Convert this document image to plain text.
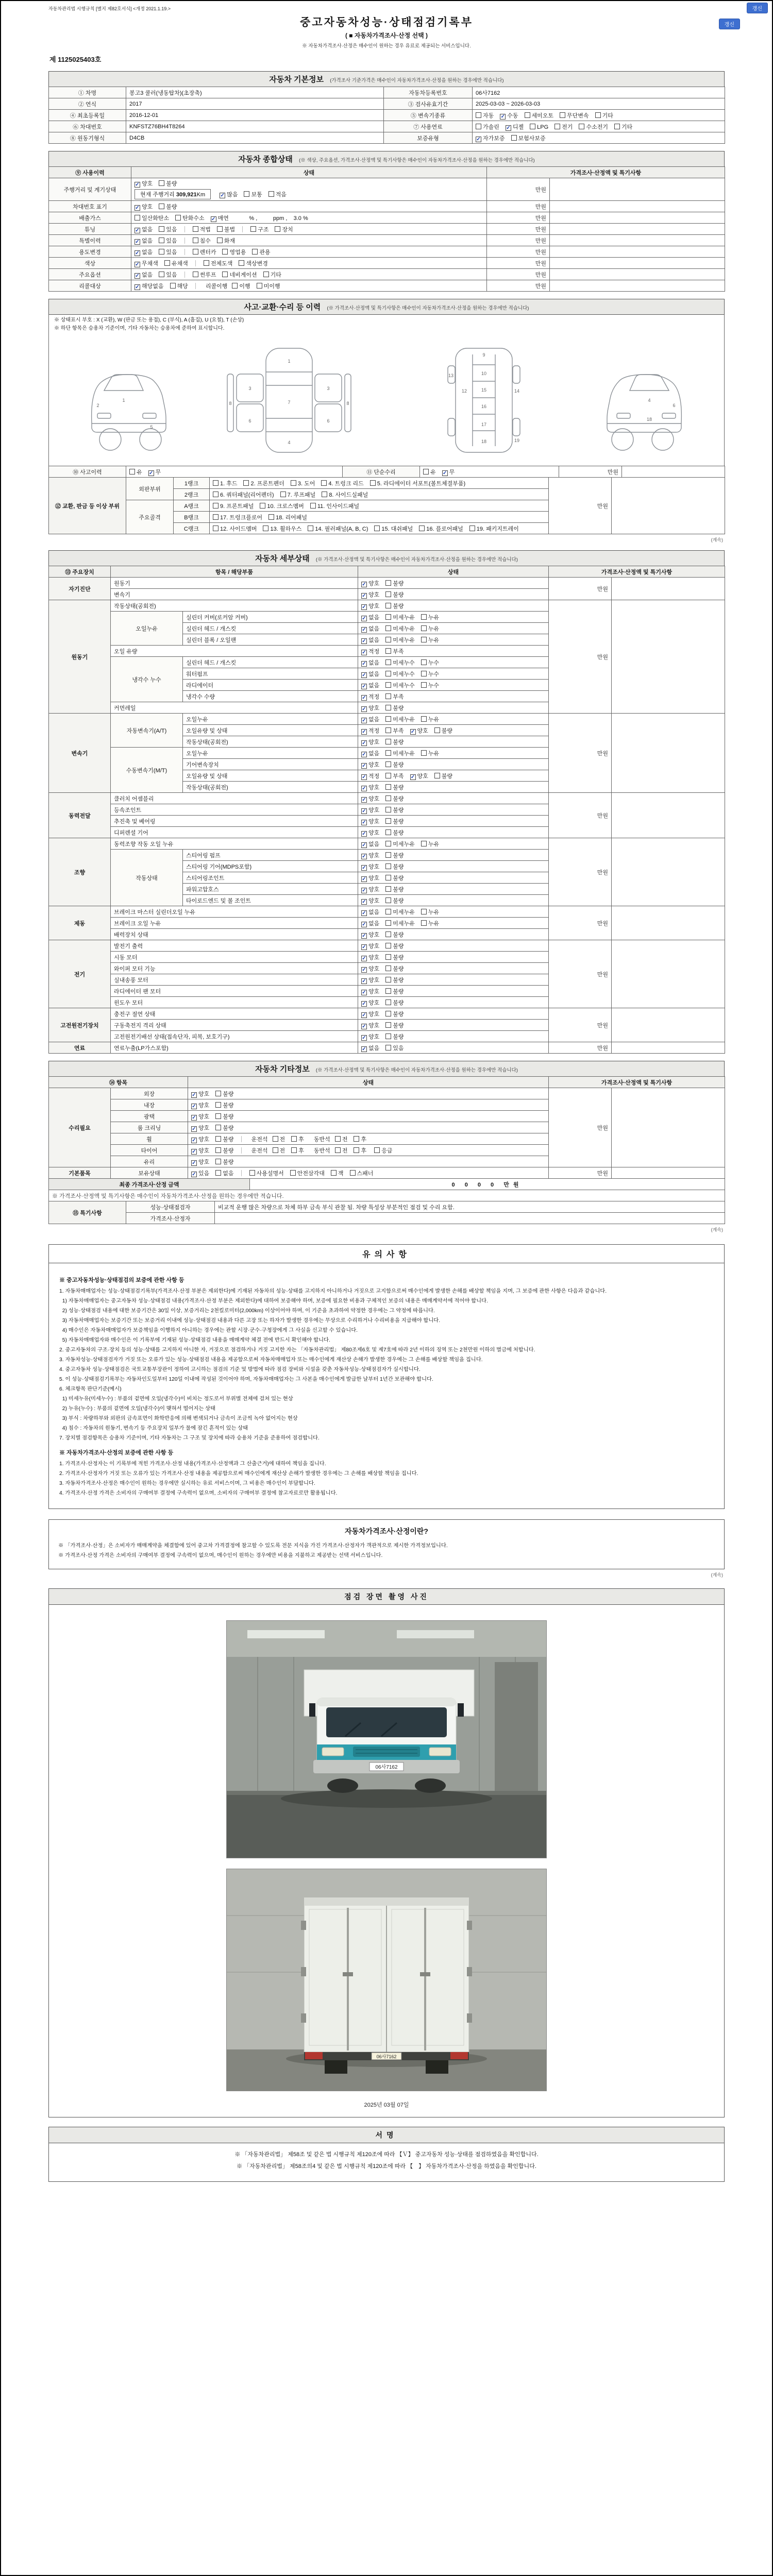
갱신
갱신
자동차관리법 시행규칙 [별지 제82호서식] <개정 2021.1.19.>
중고자동차성능·상태점검기록부
( ■ 자동차가격조사·산정 선택 )
※ 자동차가격조사·산정은 매수인이 원하는 경우 유료로 제공되는 서비스입니다.
제 1125025403호
자동차 기본정보 (가격조사 기준가격은 매수인이 자동차가격조사·산정을 원하는 경우에만 적습니다)
① 차명	봉고3 쿨러(냉동탑차)(초장축)	자동차등록번호	06사7162
② 연식	2017	③ 검사유효기간	2025-03-03 ~ 2026-03-03
④ 최초등록일	2016-12-01	⑤ 변속기종류	자동 ✓ 수동 세미오토 무단변속 기타
⑥ 차대번호	KNFSTZ76BH4T8264	⑦ 사용연료	가솔린 ✓ 디젤 LPG 전기 수소전기 기타
⑧ 원동기형식	D4CB	보증유형	✓ 자가보증 보험사보증
자동차 종합상태 (※ 색상, 주요옵션, 가격조사·산정액 및 특기사항은 매수인이 자동차가격조사·산정을 원하는 경우에만 적습니다)
⑨ 사용이력	상태	가격조사·산정액 및 특기사항	
주행거리 및 계기상태	✓ 양호 불량
현재 주행거리 309,921Km ✓ 많음 보통 적음	만원	
차대번호 표기	✓ 양호 불량	만원	
배출가스	일산화탄소 탄화수소 ✓ 매연         % ,          ppm ,    3.0 %	만원	
튜닝	✓ 없음 있음 적법 불법 구조 장치	만원	
특별이력	✓ 없음 있음 침수 화재	만원	
용도변경	✓ 없음 있음 렌터카 영업용 관용	만원	
색상	✓ 무채색 유채색 전체도색 색상변경	만원	
주요옵션	✓ 없음 있음 썬루프 네비게이션 기타	만원	
리콜대상	✓ 해당없음 해당 리콜이행 이행 미이행	만원	
사고·교환·수리 등 이력 (※ 가격조사·산정액 및 특기사항은 매수인이 자동차가격조사·산정을 원하는 경우에만 적습니다)
※ 상태표시 부호 : X (교환), W (판금 또는 용접), C (부식), A (흠집), U (요철), T (손상)
※ 하단 항목은 승용차 기준이며, 기타 자동차는 승용차에 준하여 표시합니다.
1
2
5
1
7
4
3	3
8	8
6	6
9
10
15
16
17
18
12
13
14
19
4
6
18
⑩ 사고이력	유 ✓ 무	⑪ 단순수리	유 ✓ 무	만원	
⑫ 교환, 판금 등 이상 부위	외판부위	1랭크	1. 후드 2. 프론트펜더 3. 도어 4. 트렁크 리드 5. 라디에이터 서포트(볼트체결부품)	만원	
		2랭크	6. 쿼터패널(리어펜더) 7. 루프패널 8. 사이드실패널		
	주요골격	A랭크	9. 프론트패널 10. 크로스멤버 11. 인사이드패널		
		B랭크	17. 트렁크플로어 18. 리어패널		
		C랭크	12. 사이드멤버 13. 휠하우스 14. 필러패널(A, B, C) 15. 대쉬패널 16. 플로어패널 19. 패키지트레이		
(계속)
자동차 세부상태 (※ 가격조사·산정액 및 특기사항은 매수인이 자동차가격조사·산정을 원하는 경우에만 적습니다)
⑬ 주요장치	항목 / 해당부품		상태	가격조사·산정액 및 특기사항	
자기진단	원동기		✓ 양호 불량	만원	
	변속기		✓ 양호 불량		
원동기	작동상태(공회전)		✓ 양호 불량	만원	
	오일누유	실린더 커버(로커암 커버)	✓ 없음 미세누유 누유		
		실린더 헤드 / 개스킷	✓ 없음 미세누유 누유		
		실린더 블록 / 오일팬	✓ 없음 미세누유 누유		
	오일 유량		✓ 적정 부족		
	냉각수 누수	실린더 헤드 / 개스킷	✓ 없음 미세누수 누수		
		워터펌프	✓ 없음 미세누수 누수		
		라디에이터	✓ 없음 미세누수 누수		
		냉각수 수량	✓ 적정 부족		
	커먼레일		✓ 양호 불량		
변속기	자동변속기(A/T)	오일누유	✓ 없음 미세누유 누유	만원	
		오일유량 및 상태	✓ 적정 부족 ✓ 양호 불량		
		작동상태(공회전)	✓ 양호 불량		
	수동변속기(M/T)	오일누유	✓ 없음 미세누유 누유		
		기어변속장치	✓ 양호 불량		
		오일유량 및 상태	✓ 적정 부족 ✓ 양호 불량		
		작동상태(공회전)	✓ 양호 불량		
동력전달	클러치 어셈블리		✓ 양호 불량	만원	
	등속조인트		✓ 양호 불량		
	추진축 및 베어링		✓ 양호 불량		
	디퍼렌셜 기어		✓ 양호 불량		
조향	동력조향 작동 오일 누유		✓ 없음 미세누유 누유	만원	
	작동상태	스티어링 펌프	✓ 양호 불량		
		스티어링 기어(MDPS포함)	✓ 양호 불량		
		스티어링조인트	✓ 양호 불량		
		파워고압호스	✓ 양호 불량		
		타이로드엔드 및 볼 조인트	✓ 양호 불량		
제동	브레이크 마스터 실린더오일 누유		✓ 없음 미세누유 누유	만원	
	브레이크 오일 누유		✓ 없음 미세누유 누유		
	배력장치 상태		✓ 양호 불량		
전기	발전기 출력		✓ 양호 불량	만원	
	시동 모터		✓ 양호 불량		
	와이퍼 모터 기능		✓ 양호 불량		
	실내송풍 모터		✓ 양호 불량		
	라디에이터 팬 모터		✓ 양호 불량		
	윈도우 모터		✓ 양호 불량		
고전원전기장치	충전구 절연 상태		✓ 양호 불량	만원	
	구동축전지 격리 상태		✓ 양호 불량		
	고전원전기배선 상태(접속단자, 피복, 보호기구)		✓ 양호 불량		
연료	연료누출(LP가스포함)		✓ 없음 있음	만원	
자동차 기타정보 (※ 가격조사·산정액 및 특기사항은 매수인이 자동차가격조사·산정을 원하는 경우에만 적습니다)
⑭ 항목		상태	가격조사·산정액 및 특기사항	
수리필요	외장	✓ 양호 불량	만원	
	내장	✓ 양호 불량		
	광택	✓ 양호 불량		
	룸 크리닝	✓ 양호 불량		
	휠	✓ 양호 불량 운전석 전 후 동반석 전 후		
	타이어	✓ 양호 불량 운전석 전 후 동반석 전 후 응급		
	유리	✓ 양호 불량		
기본품목	보유상태	✓ 있음 없음 사용설명서 안전삼각대 잭 스패너	만원	
최종 가격조사·산정 금액	0 0 0 0 만원
※ 가격조사·산정액 및 특기사항은 매수인이 자동차가격조사·산정을 원하는 경우에만 적습니다.
⑮ 특기사항	성능·상태점검자	비교적 운행 많은 차량으로 차체 하부 금속 부식 관찰 됨. 차량 특성상 부분적인 점검 및 수리 요함.
	가격조사·산정자	
(계속)
유의사항
※ 중고자동차성능·상태점검의 보증에 관한 사항 등
1. 자동차매매업자는 성능·상태점검기록부(가격조사·산정 부분은 제외한다)에 기재된 자동차의 성능·상태를 고지하지 아니하거나 거짓으로 고지함으로써 매수인에게 발생한 손해를 배상할 책임을 지며, 그 보증에 관한 사항은 다음과 같습니다.
1) 자동차매매업자는 중고자동차 성능·상태점검 내용(가격조사·산정 부분은 제외한다)에 대하여 보증해야 하며, 보증에 필요한 비용과 구체적인 보증의 내용은 매매계약서에 적어야 합니다.
2) 성능·상태점검 내용에 대한 보증기간은 30일 이상, 보증거리는 2천킬로미터(2,000km) 이상이어야 하며, 이 기준을 초과하여 약정한 경우에는 그 약정에 따릅니다.
3) 자동차매매업자는 보증기간 또는 보증거리 이내에 성능·상태점검 내용과 다른 고장 또는 하자가 발생한 경우에는 무상으로 수리하거나 수리비용을 지급해야 합니다.
4) 매수인은 자동차매매업자가 보증책임을 이행하지 아니하는 경우에는 관할 시장·군수·구청장에게 그 사실을 신고할 수 있습니다.
5) 자동차매매업자와 매수인은 이 기록부에 기재된 성능·상태점검 내용을 매매계약 체결 전에 반드시 확인해야 합니다.
2. 중고자동차의 구조·장치 등의 성능·상태를 고지하지 아니한 자, 거짓으로 점검하거나 거짓 고지한 자는 「자동차관리법」 제80조제6호 및 제7호에 따라 2년 이하의 징역 또는 2천만원 이하의 벌금에 처합니다.
3. 자동차성능·상태점검자가 거짓 또는 오류가 있는 성능·상태점검 내용을 제공함으로써 자동차매매업자 또는 매수인에게 재산상 손해가 발생한 경우에는 그 손해를 배상할 책임을 집니다.
4. 중고자동차 성능·상태점검은 국토교통부장관이 정하여 고시하는 점검의 기준 및 방법에 따라 점검 장비와 시설을 갖춘 자동차성능·상태점검자가 실시합니다.
5. 이 성능·상태점검기록부는 자동차인도일부터 120일 이내에 작성된 것이어야 하며, 자동차매매업자는 그 사본을 매수인에게 발급한 날부터 1년간 보관해야 합니다.
6. 체크항목 판단기준(예시)
1) 미세누유(미세누수) : 부품의 겉면에 오일(냉각수)이 비치는 정도로서 부위별 전체에 걸쳐 있는 현상
2) 누유(누수) : 부품의 겉면에 오일(냉각수)이 맺혀서 떨어지는 상태
3) 부식 : 차량하부와 외판의 금속표면이 화학반응에 의해 변색되거나 금속이 조금씩 녹아 없어지는 현상
4) 침수 : 자동차의 원동기, 변속기 등 주요장치 일부가 물에 잠긴 흔적이 있는 상태
7. 장치별 점검항목은 승용차 기준이며, 기타 자동차는 그 구조 및 장치에 따라 승용차 기준을 준용하여 점검합니다.
※ 자동차가격조사·산정의 보증에 관한 사항 등
1. 가격조사·산정자는 이 기록부에 적힌 가격조사·산정 내용(가격조사·산정액과 그 산출근거)에 대하여 책임을 집니다.
2. 가격조사·산정자가 거짓 또는 오류가 있는 가격조사·산정 내용을 제공함으로써 매수인에게 재산상 손해가 발생한 경우에는 그 손해를 배상할 책임을 집니다.
3. 자동차가격조사·산정은 매수인이 원하는 경우에만 실시하는 유료 서비스이며, 그 비용은 매수인이 부담합니다.
4. 가격조사·산정 가격은 소비자의 구매여부 결정에 구속력이 없으며, 소비자의 구매여부 결정에 참고자료로만 활용됩니다.
자동차가격조사·산정이란?
※ 「가격조사·산정」은 소비자가 매매계약을 체결함에 있어 중고차 가격결정에 참고할 수 있도록 전문 지식을 가진 가격조사·산정자가 객관적으로 제시한 가격정보입니다.
※ 가격조사·산정 가격은 소비자의 구매여부 결정에 구속력이 없으며, 매수인이 원하는 경우에만 비용을 지불하고 제공받는 선택 서비스입니다.
(계속)
점검 장면 촬영 사진
06사7162

06사7162
2025년 03월 07일
서명
※ 「자동차관리법」 제58조 및 같은 법 시행규칙 제120조에 따라 【Ｖ】 중고자동차 성능·상태를 점검하였음을 확인합니다.
※ 「자동차관리법」 제58조의4 및 같은 법 시행규칙 제120조에 따라 【　】 자동차가격조사·산정을 하였음을 확인합니다.
